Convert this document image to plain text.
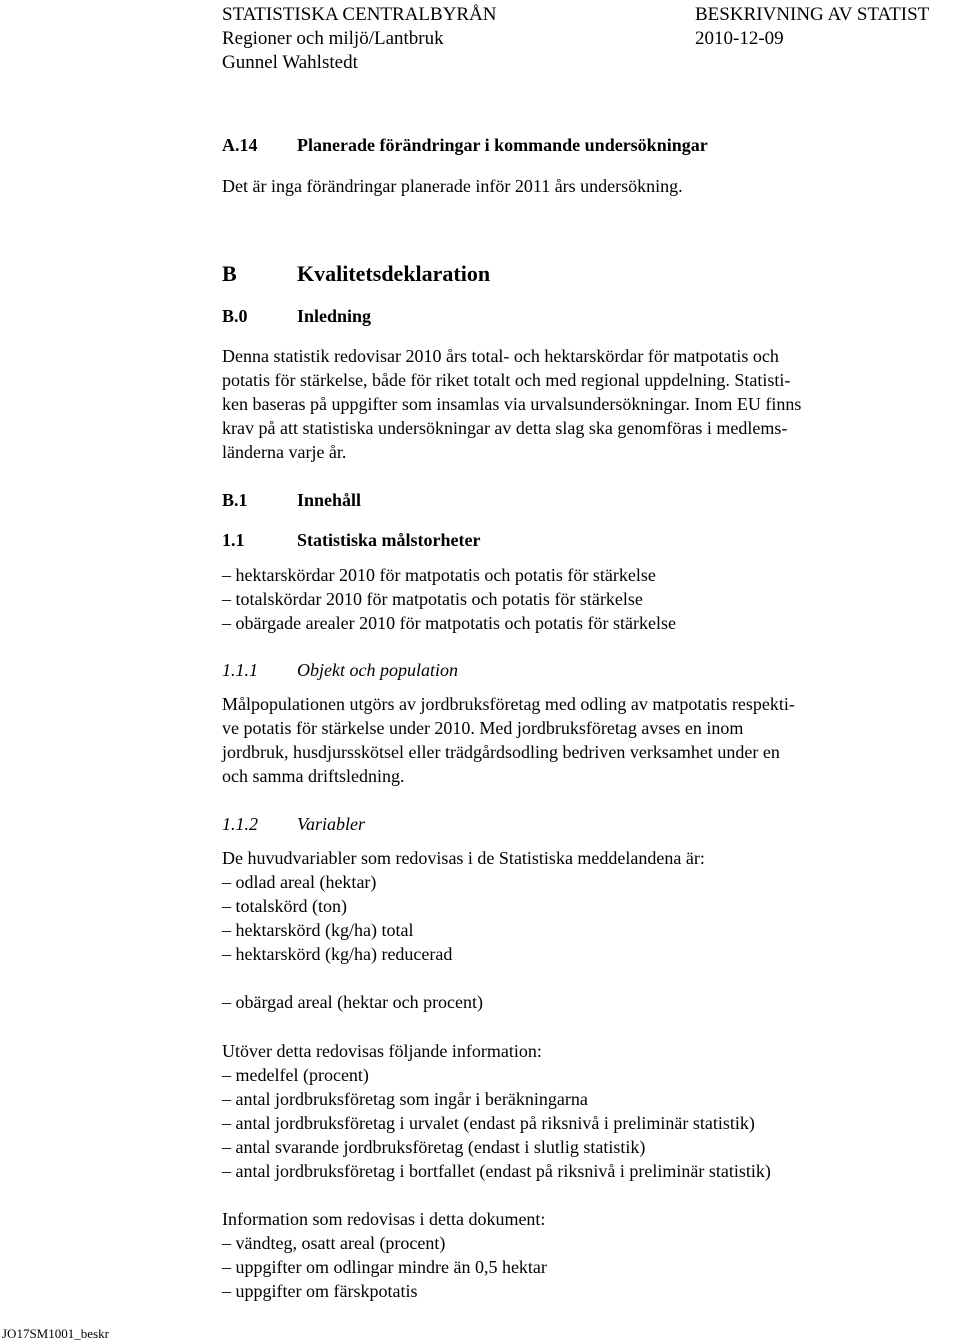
STATISTISKA CENTRALBYRÅN	BESKRIVNING AV STATIST
Regioner och miljö/Lantbruk	2010-12-09
Gunnel Wahlstedt
A.14 Planerade förändringar i kommande undersökningar
Det är inga förändringar planerade inför 2011 års undersökning.
B	Kvalitetsdeklaration
B.0	Inledning
Denna statistik redovisar 2010 års total- och hektarskördar för matpotatis och
potatis för stärkelse, både för riket totalt och med regional uppdelning. Statisti-
ken baseras på uppgifter som insamlas via urvalsundersökningar. Inom EU finns
krav på att statistiska undersökningar av detta slag ska genomföras i medlems-
länderna varje år.
B.1	Innehåll
1.1	Statistiska målstorheter
– hektarskördar 2010 för matpotatis och potatis för stärkelse
– totalskördar 2010 för matpotatis och potatis för stärkelse
– obärgade arealer 2010 för matpotatis och potatis för stärkelse
1.1.1 Objekt och population
Målpopulationen utgörs av jordbruksföretag med odling av matpotatis respekti-
ve potatis för stärkelse under 2010. Med jordbruksföretag avses en inom
jordbruk, husdjursskötsel eller trädgårdsodling bedriven verksamhet under en
och samma driftsledning.
1.1.2 Variabler
De huvudvariabler som redovisas i de Statistiska meddelandena är:
– odlad areal (hektar)
– totalskörd (ton)
– hektarskörd (kg/ha) total
– hektarskörd (kg/ha) reducerad
– obärgad areal (hektar och procent)
Utöver detta redovisas följande information:
– medelfel (procent)
– antal jordbruksföretag som ingår i beräkningarna
– antal jordbruksföretag i urvalet (endast på riksnivå i preliminär statistik)
– antal svarande jordbruksföretag (endast i slutlig statistik)
– antal jordbruksföretag i bortfallet (endast på riksnivå i preliminär statistik)
Information som redovisas i detta dokument:
– vändteg, osatt areal (procent)
– uppgifter om odlingar mindre än 0,5 hektar
– uppgifter om färskpotatis
JO17SM1001_beskr
